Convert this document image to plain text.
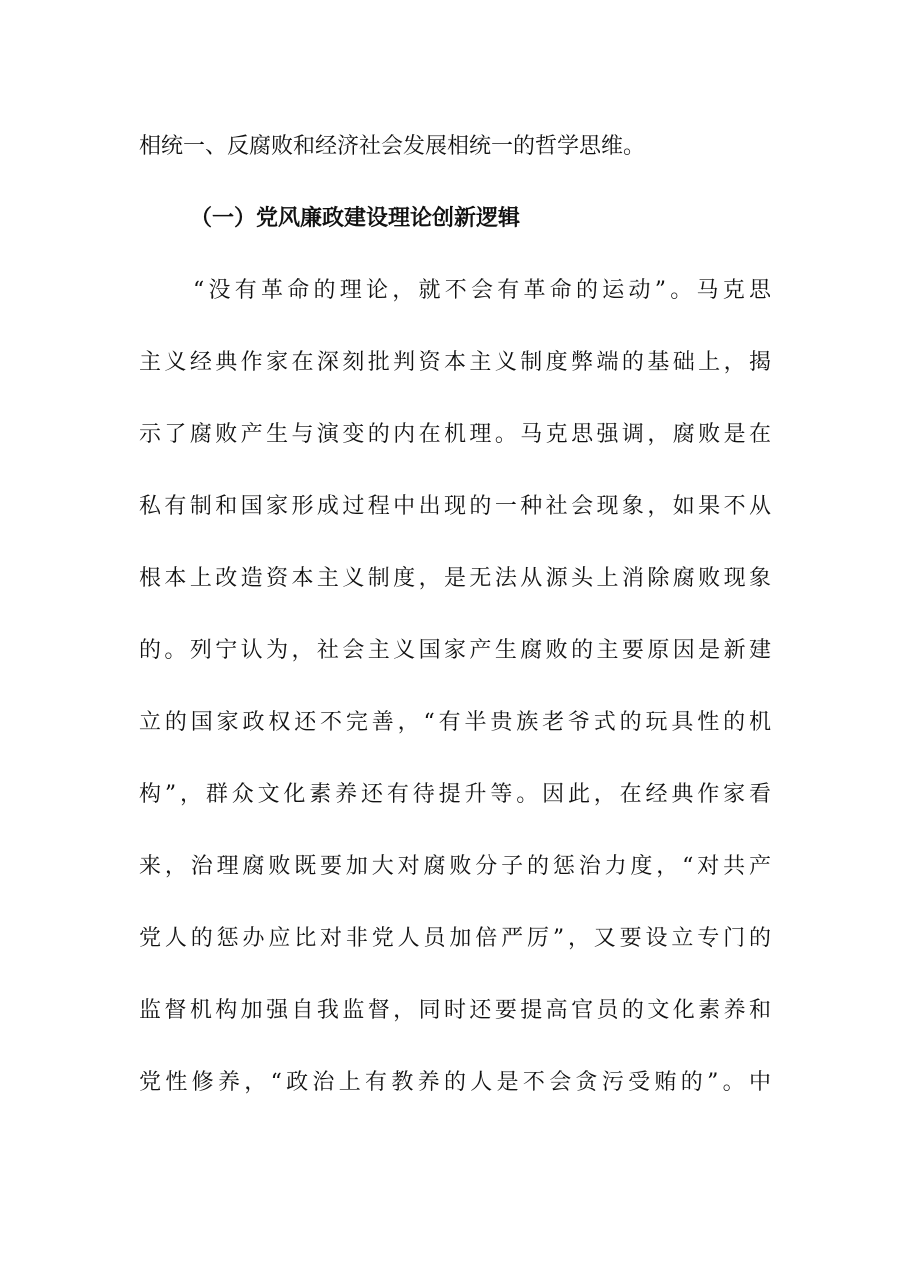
相统一、反腐败和经济社会发展相统一的哲学思维。
（一）党风廉政建设理论创新逻辑
“没有革命的理论，就不会有革命的运动”。马克思
主义经典作家在深刻批判资本主义制度弊端的基础上，揭
示了腐败产生与演变的内在机理。马克思强调，腐败是在
私有制和国家形成过程中出现的一种社会现象，如果不从
根本上改造资本主义制度，是无法从源头上消除腐败现象
的。列宁认为，社会主义国家产生腐败的主要原因是新建
立的国家政权还不完善，“有半贵族老爷式的玩具性的机
构”，群众文化素养还有待提升等。因此，在经典作家看
来，治理腐败既要加大对腐败分子的惩治力度，“对共产
党人的惩办应比对非党人员加倍严厉”，又要设立专门的
监督机构加强自我监督，同时还要提高官员的文化素养和
党性修养，“政治上有教养的人是不会贪污受贿的”。中
